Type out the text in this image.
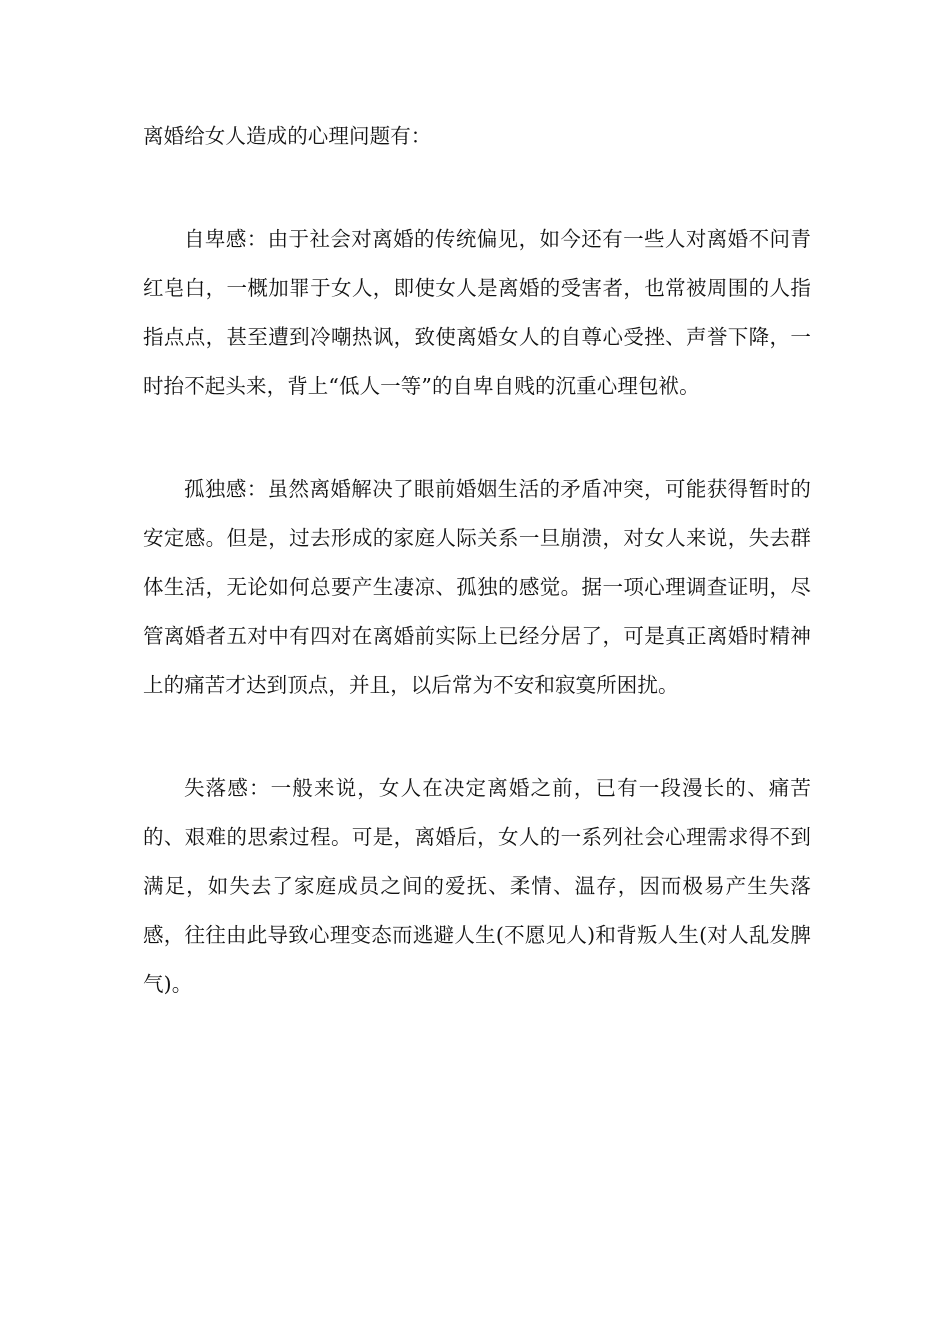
离婚给女人造成的心理问题有：

自卑感：由于社会对离婚的传统偏见，如今还有一些人对离婚不问青红皂白，一概加罪于女人，即使女人是离婚的受害者，也常被周围的人指指点点，甚至遭到冷嘲热讽，致使离婚女人的自尊心受挫、声誉下降，一时抬不起头来，背上“低人一等”的自卑自贱的沉重心理包袱。

孤独感：虽然离婚解决了眼前婚姻生活的矛盾冲突，可能获得暂时的安定感。但是，过去形成的家庭人际关系一旦崩溃，对女人来说，失去群体生活，无论如何总要产生凄凉、孤独的感觉。据一项心理调查证明，尽管离婚者五对中有四对在离婚前实际上已经分居了，可是真正离婚时精神上的痛苦才达到顶点，并且，以后常为不安和寂寞所困扰。

失落感：一般来说，女人在决定离婚之前，已有一段漫长的、痛苦的、艰难的思索过程。可是，离婚后，女人的一系列社会心理需求得不到满足，如失去了家庭成员之间的爱抚、柔情、温存，因而极易产生失落感，往往由此导致心理变态而逃避人生(不愿见人)和背叛人生(对人乱发脾气)。
